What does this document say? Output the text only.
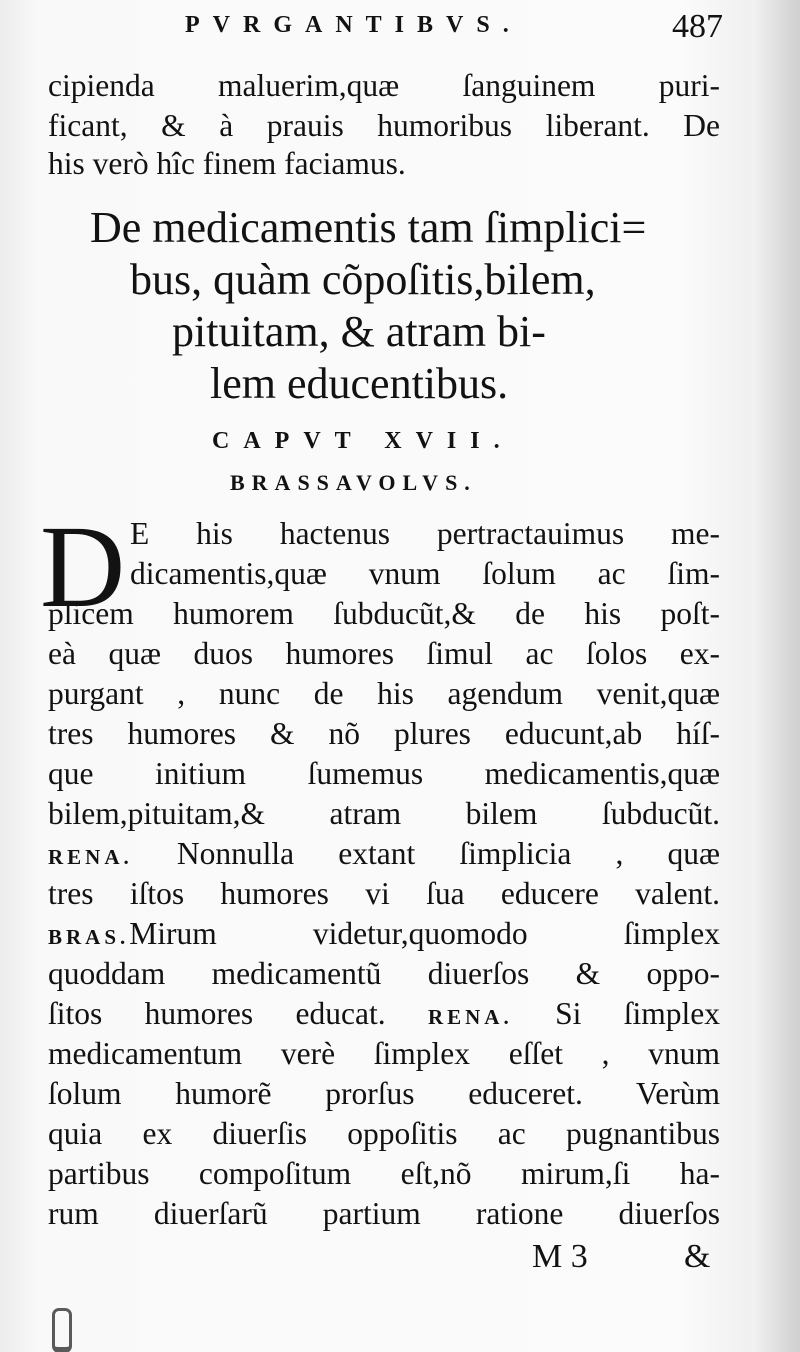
PVRGANTIBVS.	487
cipienda maluerim,quæ ſanguinem puri-
ficant, & à prauis humoribus liberant. De
his verò hîc finem faciamus.
De medicamentis tam ſimplici=
bus, quàm cõpoſitis,bilem,
pituitam, & atram bi-
lem educentibus.
CAPVT XVII.
BRASSAVOLVS.
D E his hactenus pertractauimus me-
dicamentis,quæ vnum ſolum ac ſim-
plicem humorem ſubducũt,& de his poſt-
eà quæ duos humores ſimul ac ſolos ex-
purgant , nunc de his agendum venit,quæ
tres humores & nõ plures educunt,ab híſ-
que initium ſumemus medicamentis,quæ
bilem,pituitam,& atram bilem ſubducũt.
RENA. Nonnulla extant ſimplicia , quæ
tres iſtos humores vi ſua educere valent.
BRAS.Mirum videtur,quomodo ſimplex
quoddam medicamentũ diuerſos & oppo-
ſitos humores educat. RENA. Si ſimplex
medicamentum verè ſimplex eſſet , vnum
ſolum humorẽ prorſus educeret. Verùm
quia ex diuerſis oppoſitis ac pugnantibus
partibus compoſitum eſt,nõ mirum,ſi ha-
rum diuerſarũ partium ratione diuerſos
M 3	&
